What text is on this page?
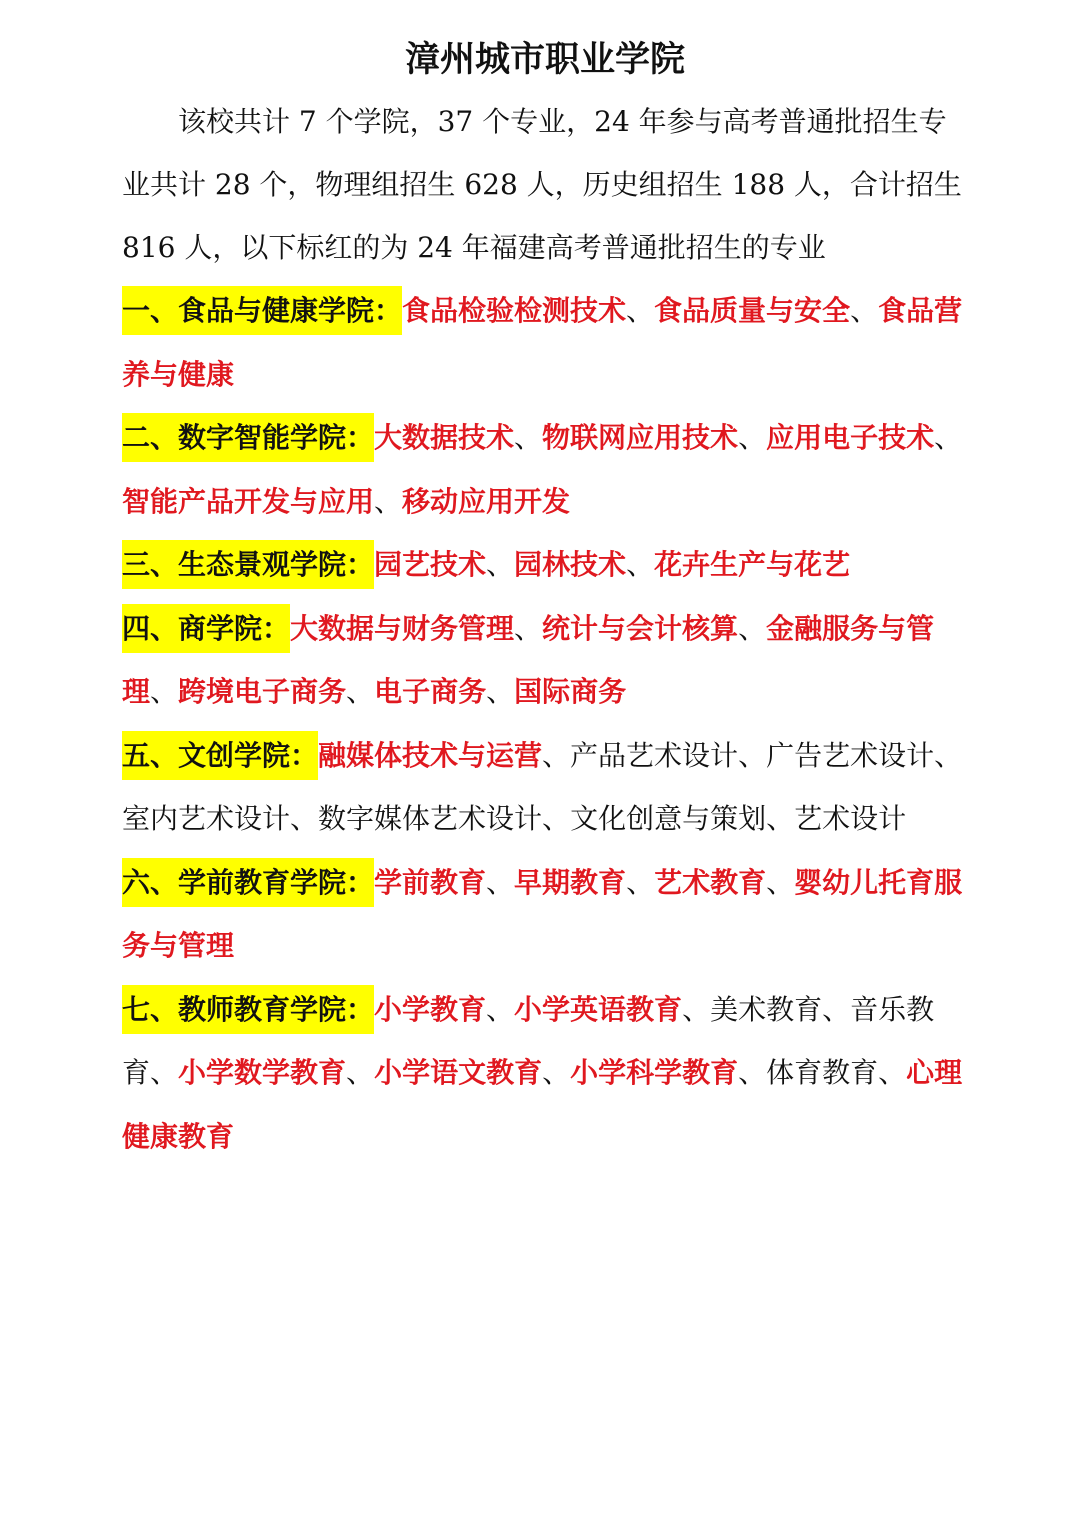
漳州城市职业学院

该校共计 7 个学院，37 个专业，24 年参与高考普通批招生专业共计 28 个，物理组招生 628 人，历史组招生 188 人，合计招生 816 人，以下标红的为 24 年福建高考普通批招生的专业

一、食品与健康学院：食品检验检测技术、食品质量与安全、食品营养与健康

二、数字智能学院：大数据技术、物联网应用技术、应用电子技术、智能产品开发与应用、移动应用开发

三、生态景观学院：园艺技术、园林技术、花卉生产与花艺

四、商学院：大数据与财务管理、统计与会计核算、金融服务与管理、跨境电子商务、电子商务、国际商务

五、文创学院：融媒体技术与运营、产品艺术设计、广告艺术设计、室内艺术设计、数字媒体艺术设计、文化创意与策划、艺术设计

六、学前教育学院：学前教育、早期教育、艺术教育、婴幼儿托育服务与管理

七、教师教育学院：小学教育、小学英语教育、美术教育、音乐教育、小学数学教育、小学语文教育、小学科学教育、体育教育、心理健康教育
